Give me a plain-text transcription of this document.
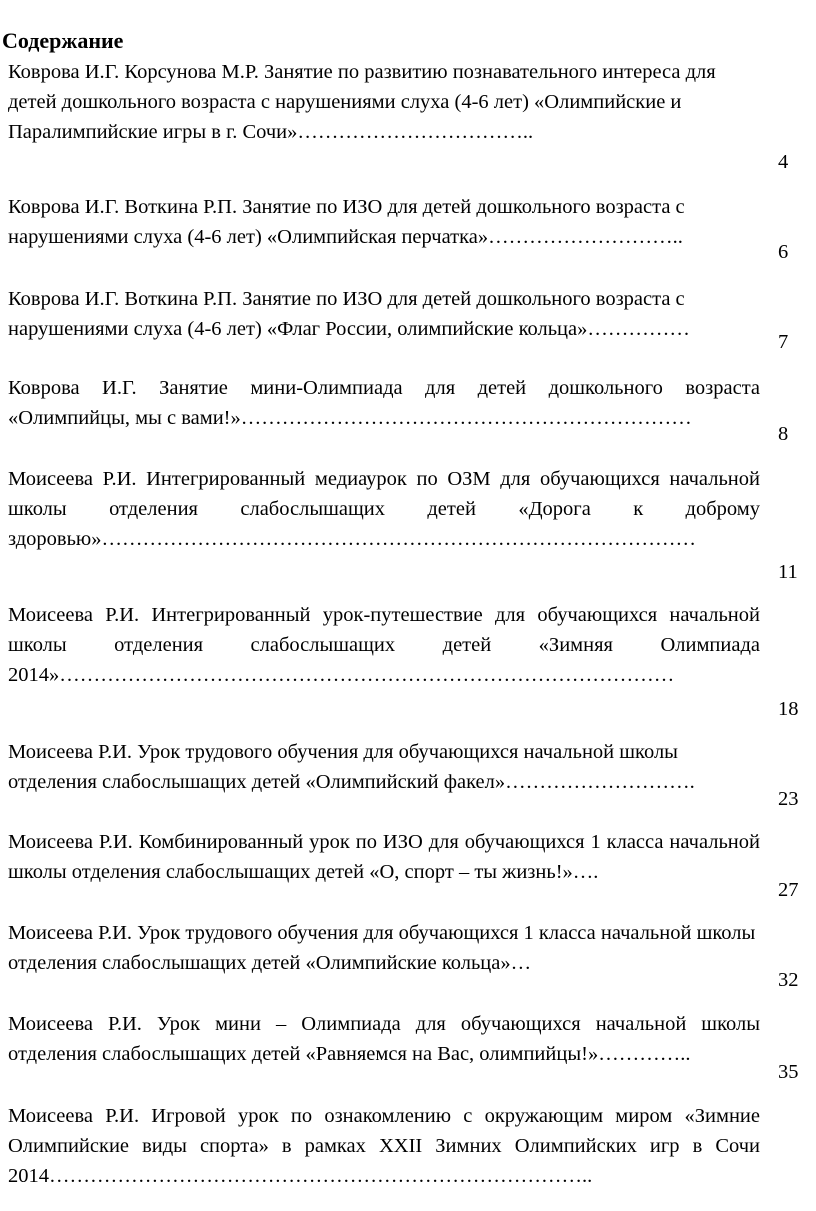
Содержание
Коврова И.Г. Корсунова М.Р. Занятие по развитию познавательного интереса для детей дошкольного возраста с нарушениями слуха (4-6 лет) «Олимпийские и Паралимпийские игры в г. Сочи»……………………………..
4
Коврова И.Г. Воткина Р.П. Занятие по ИЗО для детей дошкольного возраста с нарушениями слуха (4-6 лет) «Олимпийская перчатка»………………………..
6
Коврова И.Г. Воткина Р.П. Занятие по ИЗО для детей дошкольного возраста с нарушениями слуха (4-6 лет) «Флаг России, олимпийские кольца»……………
7
Коврова И.Г. Занятие мини-Олимпиада для детей дошкольного возраста «Олимпийцы, мы с вами!»…………………………………………………………
8
Моисеева Р.И. Интегрированный медиаурок по ОЗМ для обучающихся начальной школы отделения слабослышащих детей «Дорога к доброму здоровью»……………………………………………………………………………
11
Моисеева Р.И. Интегрированный урок-путешествие для обучающихся начальной школы отделения слабослышащих детей «Зимняя Олимпиада 2014»………………………………………………………………………………
18
Моисеева Р.И. Урок трудового обучения для обучающихся начальной школы отделения слабослышащих детей «Олимпийский факел»……………………….
23
Моисеева Р.И. Комбинированный урок по ИЗО для обучающихся 1 класса начальной школы отделения слабослышащих детей «О, спорт – ты жизнь!»….
27
Моисеева Р.И. Урок трудового обучения для обучающихся 1 класса начальной школы отделения слабослышащих детей «Олимпийские кольца»…
32
Моисеева Р.И. Урок мини – Олимпиада для обучающихся начальной школы отделения слабослышащих детей «Равняемся на Вас, олимпийцы!»…………..
35
Моисеева Р.И. Игровой урок по ознакомлению с окружающим миром «Зимние Олимпийские виды спорта» в рамках XXII Зимних Олимпийских игр в Сочи 2014……………………………………………………………………..
